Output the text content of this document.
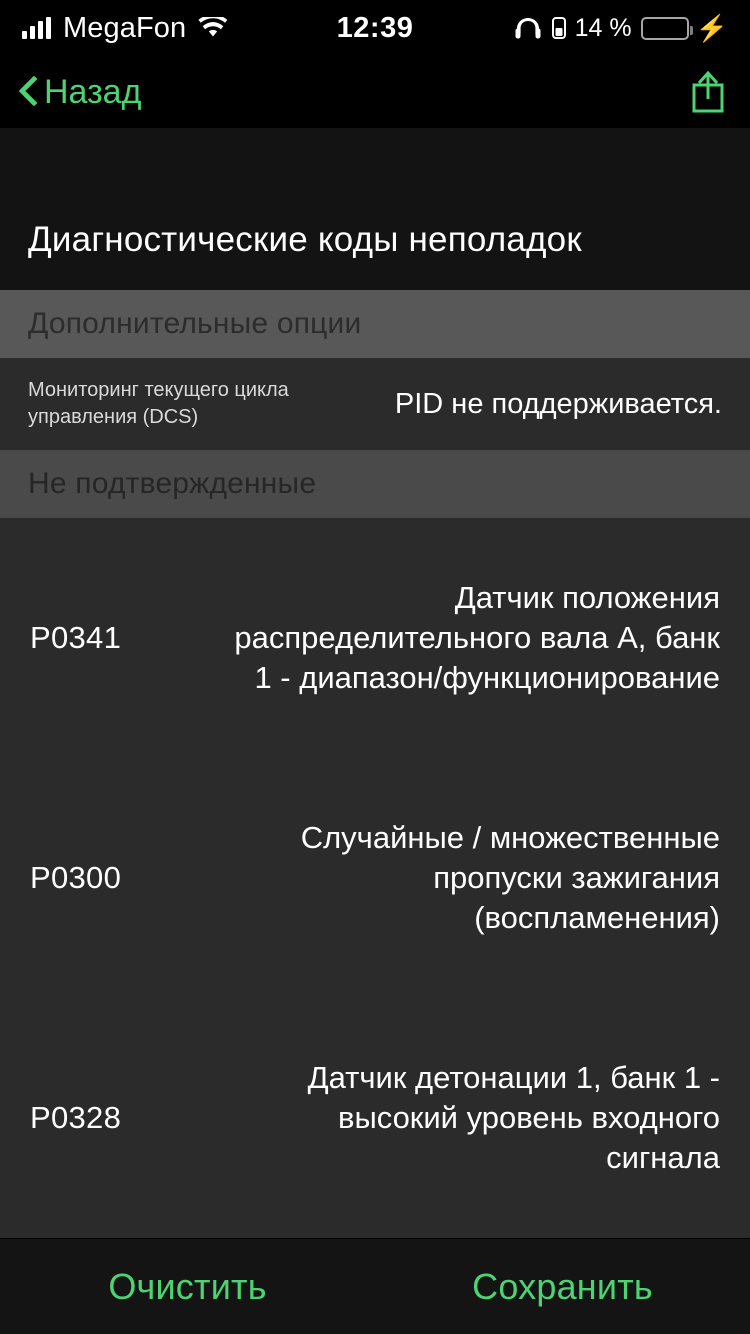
MegaFon	12:39	14 % ⚡
Назад
Диагностические коды неполадок
Дополнительные опции
Мониторинг текущего цикла управления (DCS)	PID не поддерживается.
Не подтвержденные
P0341
Датчик положения распределительного вала А, банк 1 - диапазон/функционирование
P0300
Случайные / множественные пропуски зажигания (воспламенения)
P0328
Датчик детонации 1, банк 1 - высокий уровень входного сигнала
Очистить	Сохранить
